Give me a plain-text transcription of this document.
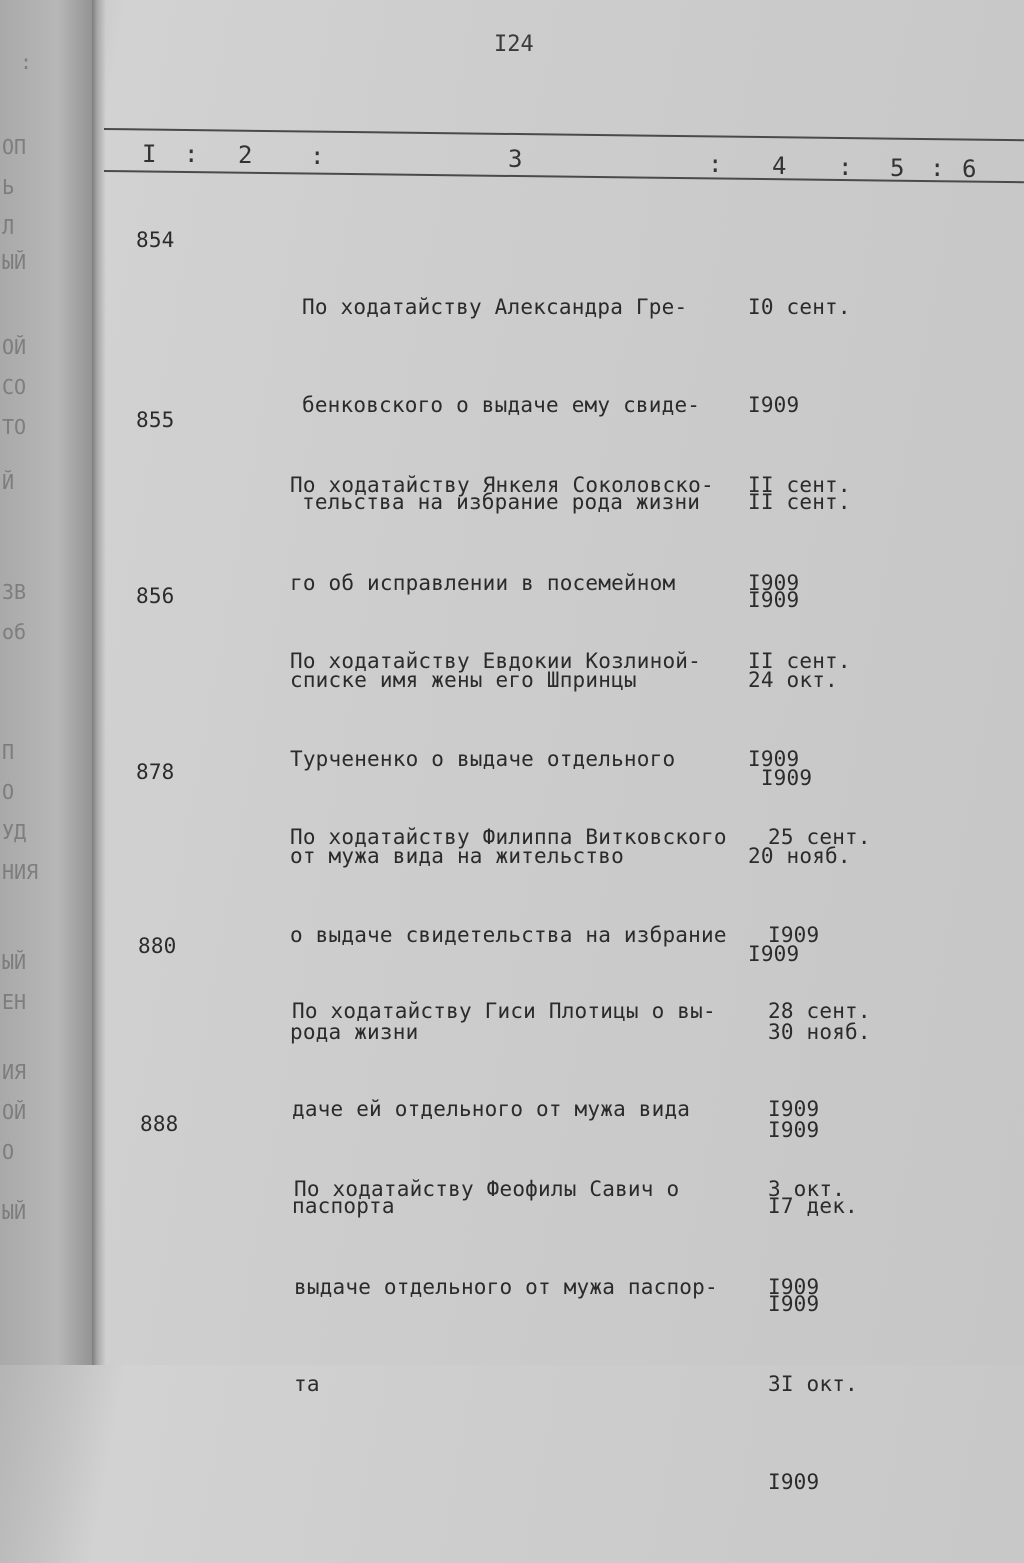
:
ОП
Ь
Л
ЫЙ
ОЙ
СО
ТО
Й
ЗВ
об
П
О
УД
НИЯ
ЫЙ
ЕН
ИЯ
ОЙ
О
ЫЙ
I24
I : 2 :	3	: 4 : 5 : 6
854

По ходатайству Александра Гре-

бенковского о выдаче ему свиде-

тельства на избрание рода жизни

I0 сент.

I909

II сент.

I909

855

По ходатайству Янкеля Соколовско-

го об исправлении в посемейном

списке имя жены его Шпринцы

II сент.

I909

24 окт.

I909

856

По ходатайству Евдокии Козлиной-

Турчененко о выдаче отдельного

от мужа вида на жительство

II сент.

I909

20 нояб.

I909

878

По ходатайству Филиппа Витковского

о выдаче свидетельства на избрание

рода жизни

25 сент.

I909

30 нояб.

I909

880

По ходатайству Гиси Плотицы о вы-

даче ей отдельного от мужа вида

паспорта

28 сент.

I909

I7 дек.

I909

888

По ходатайству Феофилы Савич о

выдаче отдельного от мужа паспор-

та

3 окт.

I909

3I окт.

I909
